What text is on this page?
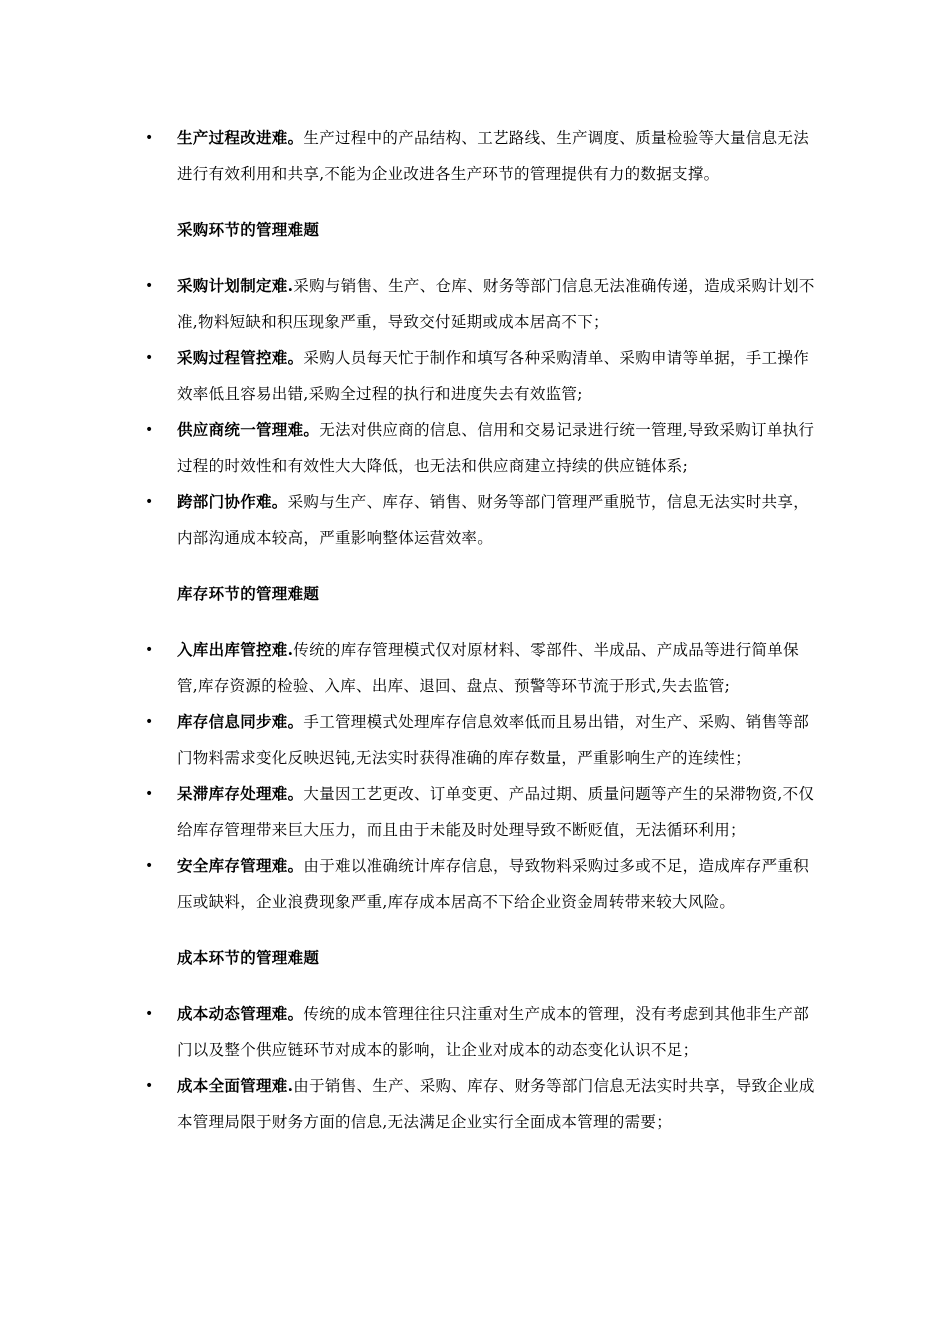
• 生产过程改进难。生产过程中的产品结构、工艺路线、生产调度、质量检验等大量信息无法进行有效利用和共享,不能为企业改进各生产环节的管理提供有力的数据支撑。
采购环节的管理难题
• 采购计划制定难.采购与销售、生产、仓库、财务等部门信息无法准确传递，造成采购计划不准,物料短缺和积压现象严重，导致交付延期或成本居高不下；
• 采购过程管控难。采购人员每天忙于制作和填写各种采购清单、采购申请等单据，手工操作效率低且容易出错,采购全过程的执行和进度失去有效监管;
• 供应商统一管理难。无法对供应商的信息、信用和交易记录进行统一管理,导致采购订单执行过程的时效性和有效性大大降低，也无法和供应商建立持续的供应链体系;
• 跨部门协作难。采购与生产、库存、销售、财务等部门管理严重脱节，信息无法实时共享，内部沟通成本较高，严重影响整体运营效率。
库存环节的管理难题
• 入库出库管控难.传统的库存管理模式仅对原材料、零部件、半成品、产成品等进行简单保管,库存资源的检验、入库、出库、退回、盘点、预警等环节流于形式,失去监管;
• 库存信息同步难。手工管理模式处理库存信息效率低而且易出错，对生产、采购、销售等部门物料需求变化反映迟钝,无法实时获得准确的库存数量，严重影响生产的连续性；
• 呆滞库存处理难。大量因工艺更改、订单变更、产品过期、质量问题等产生的呆滞物资,不仅给库存管理带来巨大压力，而且由于未能及时处理导致不断贬值，无法循环利用；
• 安全库存管理难。由于难以准确统计库存信息，导致物料采购过多或不足，造成库存严重积压或缺料，企业浪费现象严重,库存成本居高不下给企业资金周转带来较大风险。
成本环节的管理难题
• 成本动态管理难。传统的成本管理往往只注重对生产成本的管理，没有考虑到其他非生产部门以及整个供应链环节对成本的影响，让企业对成本的动态变化认识不足；
• 成本全面管理难.由于销售、生产、采购、库存、财务等部门信息无法实时共享，导致企业成本管理局限于财务方面的信息,无法满足企业实行全面成本管理的需要；
